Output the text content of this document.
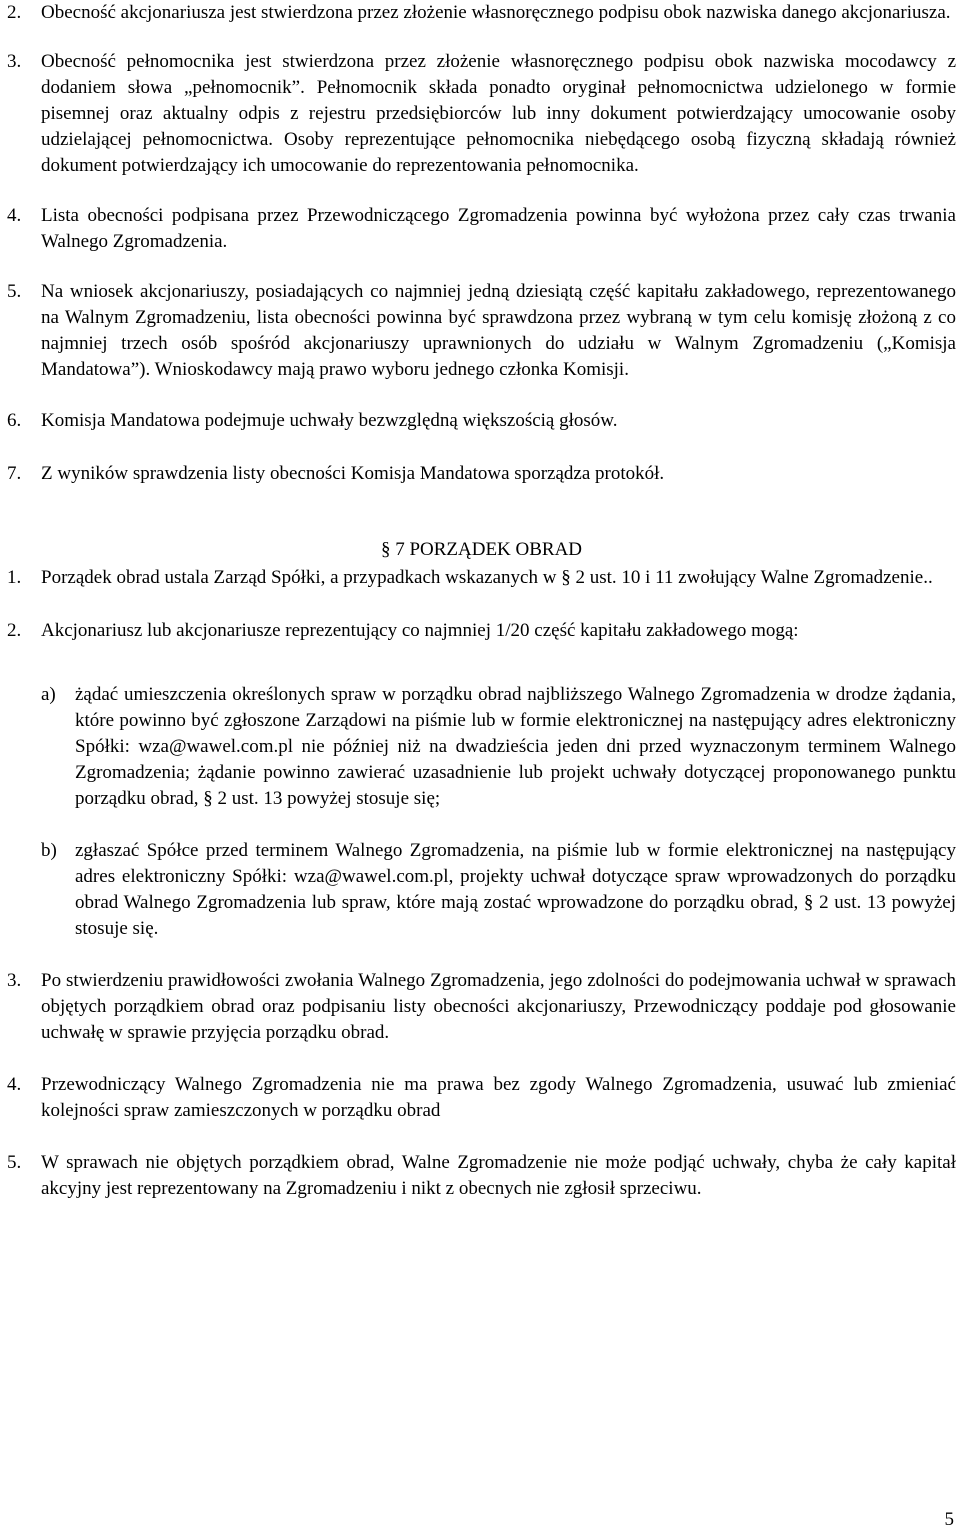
2.	Obecność akcjonariusza jest stwierdzona przez złożenie własnoręcznego podpisu obok nazwiska danego akcjonariusza.
3.	Obecność pełnomocnika jest stwierdzona przez złożenie własnoręcznego podpisu obok nazwiska mocodawcy z dodaniem słowa „pełnomocnik”. Pełnomocnik składa ponadto oryginał pełnomocnictwa udzielonego w formie pisemnej oraz aktualny odpis z rejestru przedsiębiorców lub inny dokument potwierdzający umocowanie osoby udzielającej pełnomocnictwa. Osoby reprezentujące pełnomocnika niebędącego osobą fizyczną składają również dokument potwierdzający ich umocowanie do reprezentowania pełnomocnika.
4.	Lista obecności podpisana przez Przewodniczącego Zgromadzenia powinna być wyłożona przez cały czas trwania Walnego Zgromadzenia.
5.	Na wniosek akcjonariuszy, posiadających co najmniej jedną dziesiątą część kapitału zakładowego, reprezentowanego na Walnym Zgromadzeniu, lista obecności powinna być sprawdzona przez wybraną w tym celu komisję złożoną z co najmniej trzech osób spośród akcjonariuszy uprawnionych do udziału w Walnym Zgromadzeniu („Komisja Mandatowa”). Wnioskodawcy mają prawo wyboru jednego członka Komisji.
6.	Komisja Mandatowa podejmuje uchwały bezwzględną większością głosów.
7.	Z wyników sprawdzenia listy obecności Komisja Mandatowa sporządza protokół.
§ 7 PORZĄDEK OBRAD
1.	Porządek obrad ustala Zarząd Spółki, a przypadkach wskazanych w § 2 ust. 10 i 11 zwołujący Walne Zgromadzenie..
2.	Akcjonariusz lub akcjonariusze reprezentujący co najmniej 1/20 część kapitału zakładowego mogą:
a)	żądać umieszczenia określonych spraw w porządku obrad najbliższego Walnego Zgromadzenia w drodze żądania, które powinno być zgłoszone Zarządowi na piśmie lub w formie elektronicznej na następujący adres elektroniczny Spółki: wza@wawel.com.pl nie później niż na dwadzieścia jeden dni przed wyznaczonym terminem Walnego Zgromadzenia; żądanie powinno zawierać uzasadnienie lub projekt uchwały dotyczącej proponowanego punktu porządku obrad, § 2 ust. 13 powyżej stosuje się;
b) zgłaszać Spółce przed terminem Walnego Zgromadzenia, na piśmie lub w formie elektronicznej na następujący adres elektroniczny Spółki: wza@wawel.com.pl, projekty uchwał dotyczące spraw wprowadzonych do porządku obrad Walnego Zgromadzenia lub spraw, które mają zostać wprowadzone do porządku obrad, § 2 ust. 13 powyżej stosuje się.
3.	Po stwierdzeniu prawidłowości zwołania Walnego Zgromadzenia, jego zdolności do podejmowania uchwał w sprawach objętych porządkiem obrad oraz podpisaniu listy obecności akcjonariuszy, Przewodniczący poddaje pod głosowanie uchwałę w sprawie przyjęcia porządku obrad.
4.	Przewodniczący Walnego Zgromadzenia nie ma prawa bez zgody Walnego Zgromadzenia, usuwać lub zmieniać kolejności spraw zamieszczonych w porządku obrad
5.	W sprawach nie objętych porządkiem obrad, Walne Zgromadzenie nie może podjąć uchwały, chyba że cały kapitał akcyjny jest reprezentowany na Zgromadzeniu i nikt z obecnych nie zgłosił sprzeciwu.
5
